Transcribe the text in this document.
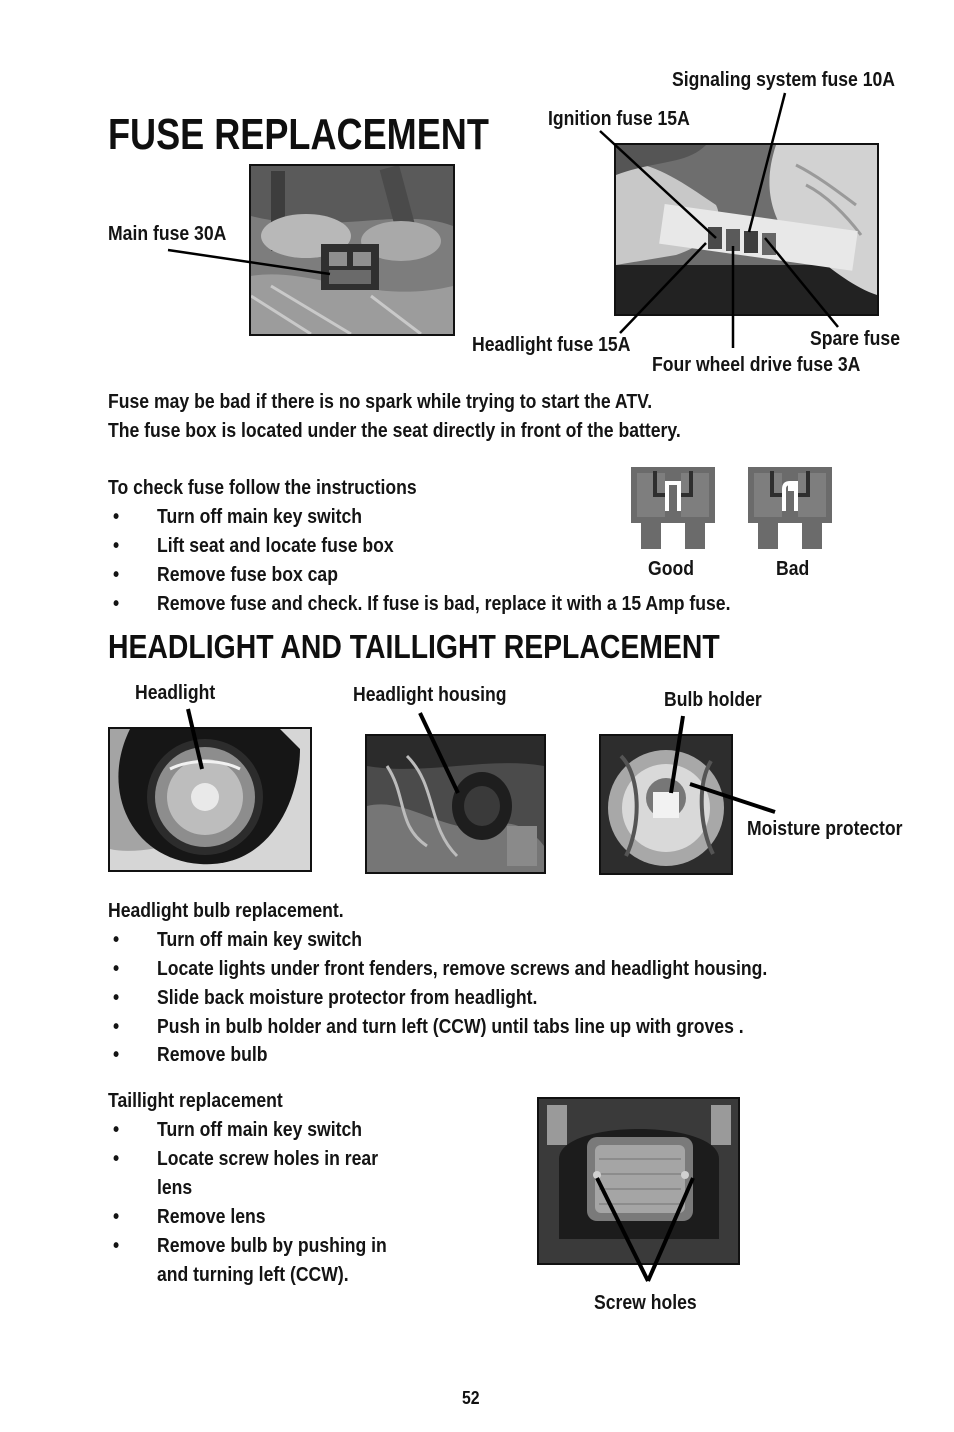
FUSE REPLACEMENT
Signaling system fuse 10A
Ignition fuse 15A
Main fuse 30A
Headlight fuse 15A	Spare fuse
Four wheel drive fuse 3A
Fuse may be bad if there is no spark while trying to start the ATV.
The fuse box is located under the seat directly in front of the battery.
To check fuse follow the instructions
• Turn off main key switch
• Lift seat and locate fuse box
• Remove fuse box cap
• Remove fuse and check. If fuse is bad, replace it with a 15 Amp fuse.
Good	Bad
HEADLIGHT AND TAILLIGHT REPLACEMENT
Headlight	Headlight housing	Bulb holder
Moisture protector
Headlight bulb replacement.
• Turn off main key switch
• Locate lights under front fenders, remove screws and headlight housing.
• Slide back moisture protector from headlight.
• Push in bulb holder and turn left (CCW) until tabs line up with groves .
• Remove bulb
Taillight replacement
• Turn off main key switch
• Locate screw holes in rear
lens
• Remove lens
• Remove bulb by pushing in
and turning left (CCW).
Screw holes
52
